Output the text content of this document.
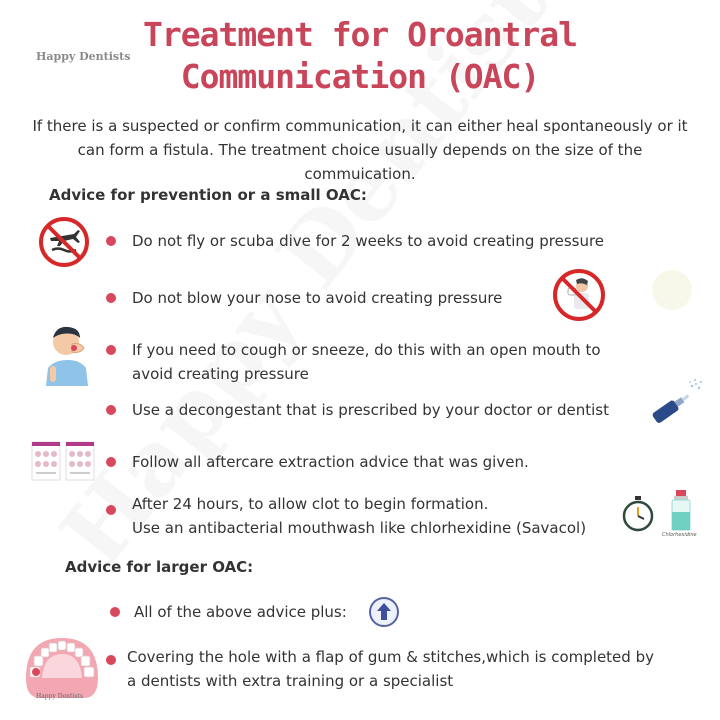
Treatment for Oroantral
Communication (OAC)
Happy Dentists
If there is a suspected or confirm communication, it can either heal spontaneously or it can form a fistula. The treatment choice usually depends on the size of the commuication.
Advice for prevention or a small OAC:
Do not fly or scuba dive for 2 weeks to avoid creating pressure
Do not blow your nose to avoid creating pressure
If you need to cough or sneeze, do this with an open mouth to
avoid creating pressure
Use a decongestant that is prescribed by your doctor or dentist
Follow all aftercare extraction advice that was given.
After 24 hours, to allow clot to begin formation.
Use an antibacterial mouthwash like chlorhexidine (Savacol)	Chlorhexidine
Advice for larger OAC:
All of the above advice plus:
Happy Dentists
Covering the hole with a flap of gum & stitches,which is completed by
a dentists with extra training or a specialist
